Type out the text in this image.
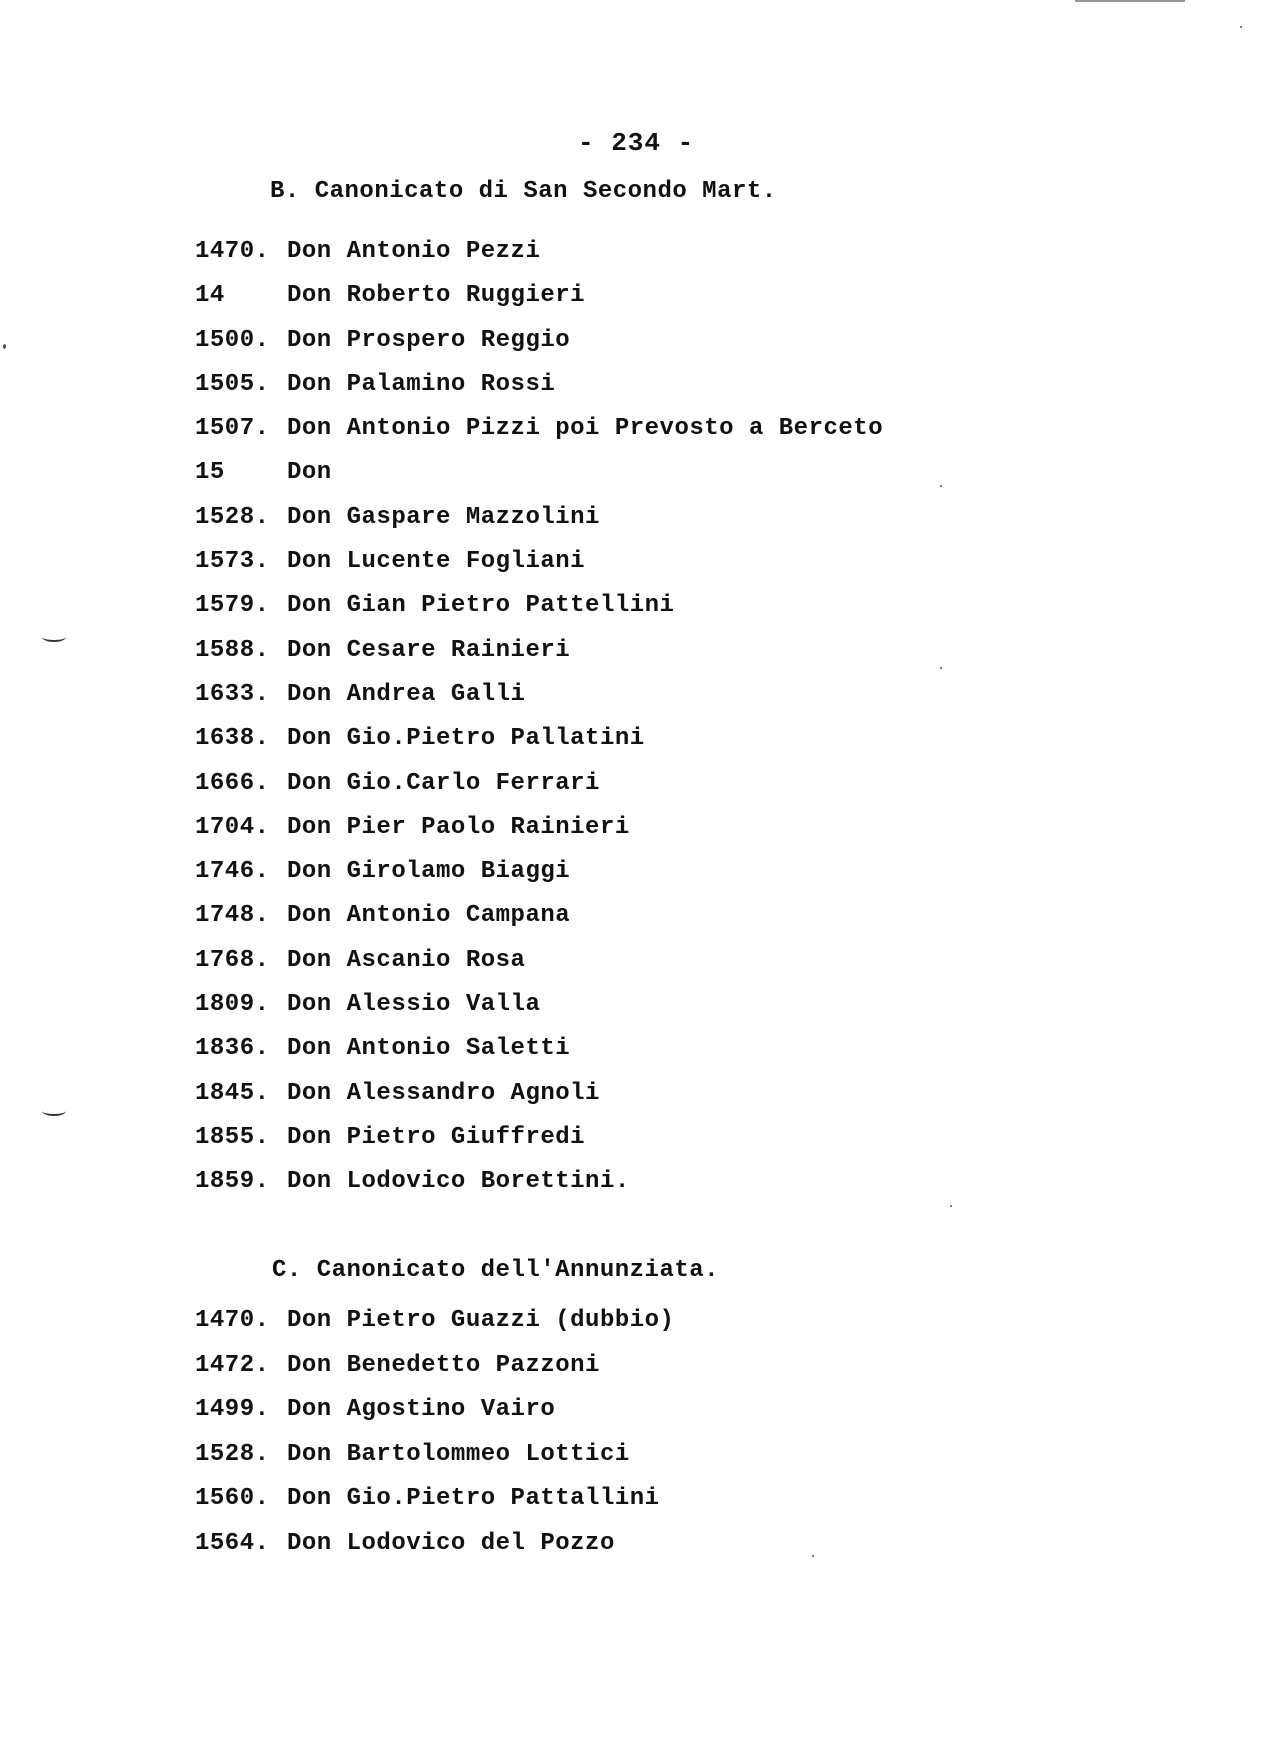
- 234 -
B. Canonicato di San Secondo Mart.
1470. Don Antonio Pezzi
14	Don Roberto Ruggieri
1500. Don Prospero Reggio
1505. Don Palamino Rossi
1507. Don Antonio Pizzi poi Prevosto a Berceto
15	Don
1528. Don Gaspare Mazzolini
1573. Don Lucente Fogliani
1579. Don Gian Pietro Pattellini
1588. Don Cesare Rainieri
1633. Don Andrea Galli
1638. Don Gio.Pietro Pallatini
1666. Don Gio.Carlo Ferrari
1704. Don Pier Paolo Rainieri
1746. Don Girolamo Biaggi
1748. Don Antonio Campana
1768. Don Ascanio Rosa
1809. Don Alessio Valla
1836. Don Antonio Saletti
1845. Don Alessandro Agnoli
1855. Don Pietro Giuffredi
1859. Don Lodovico Borettini.
C. Canonicato dell'Annunziata.
1470. Don Pietro Guazzi (dubbio)
1472. Don Benedetto Pazzoni
1499. Don Agostino Vairo
1528. Don Bartolommeo Lottici
1560. Don Gio.Pietro Pattallini
1564. Don Lodovico del Pozzo
